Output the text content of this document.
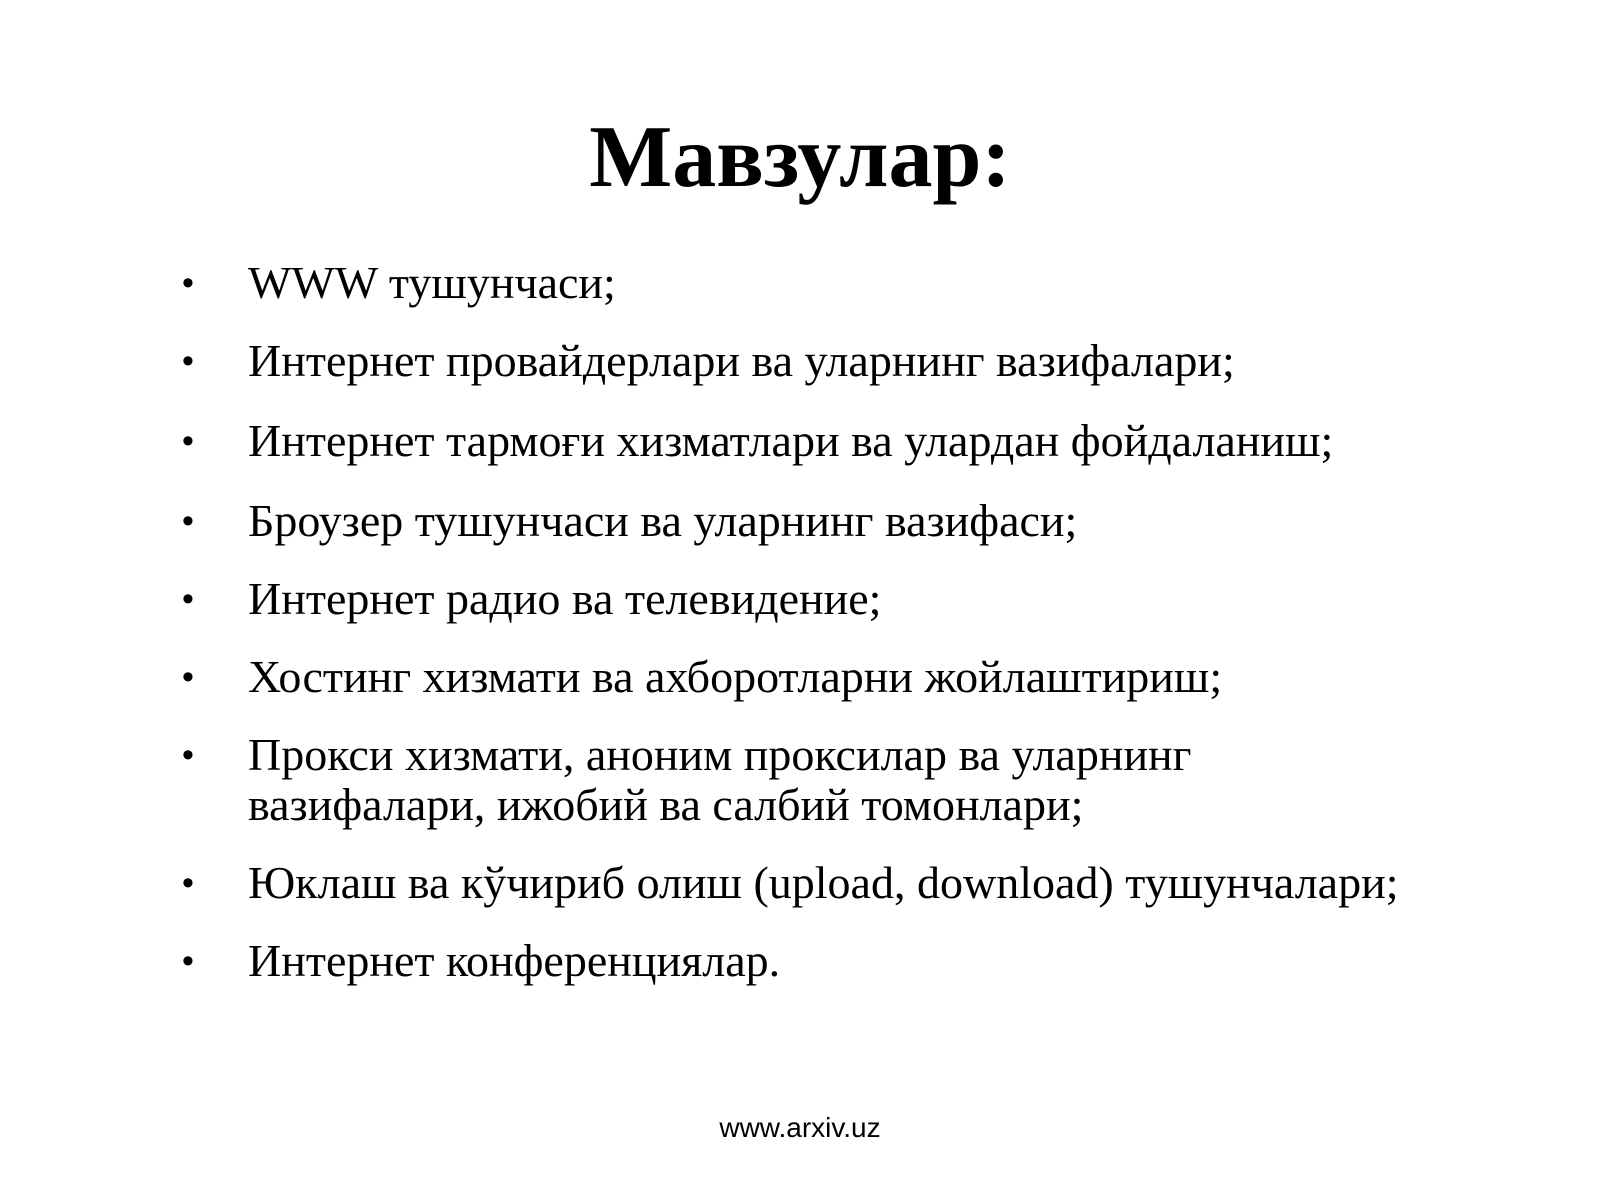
Мавзулар:
• WWW тушунчаси;
• Интернет провайдерлари ва уларнинг вазифалари;
• Интернет тармоғи хизматлари ва улардан фойдаланиш;
• Броузер тушунчаси ва уларнинг вазифаси;
• Интернет радио ва телевидение;
• Хостинг хизмати ва ахборотларни жойлаштириш;
• Прокси хизмати, аноним проксилар ва уларнинг вазифалари, ижобий ва салбий томонлари;
• Юклаш ва кўчириб олиш (upload, download) тушунчалари;
• Интернет конференциялар.
www.arxiv.uz
